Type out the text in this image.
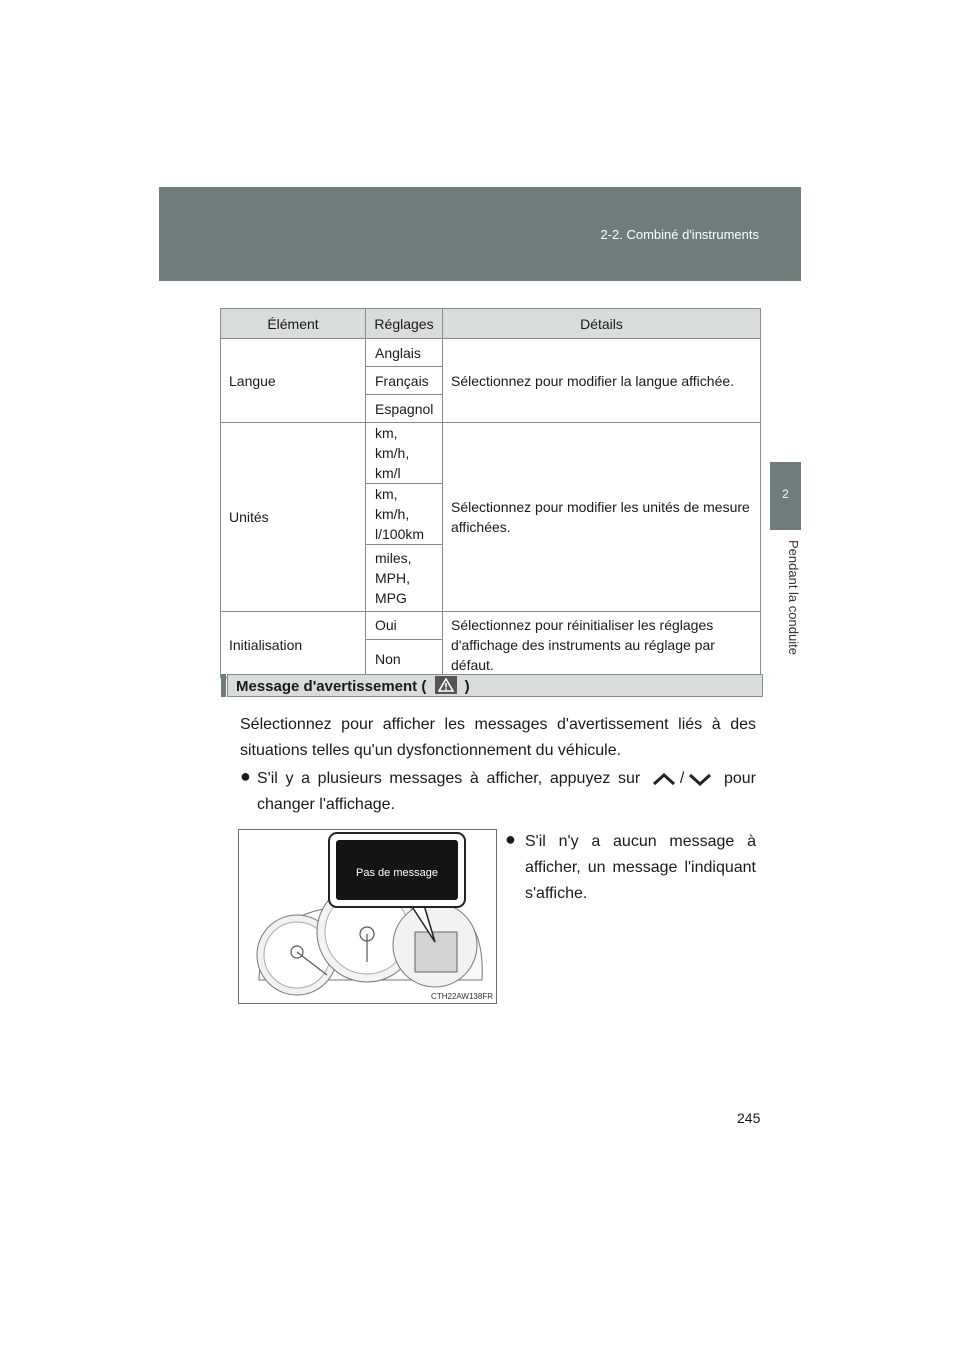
2-2. Combiné d'instruments
2
Pendant la conduite
Élément	Réglages	Détails
Langue	Anglais	Sélectionnez pour modifier la langue affichée.
	Français	
	Espagnol	
Unités	km, km/h, km/l	Sélectionnez pour modifier les unités de mesure affichées.
	km, km/h, l/100km	
	miles, MPH, MPG	
Initialisation	Oui	Sélectionnez pour réinitialiser les réglages d'affichage des instruments au réglage par défaut.
	Non	
Message d'avertissement (	)
Sélectionnez pour afficher les messages d'avertissement liés à des situations telles qu'un dysfonctionnement du véhicule.
● S'il y a plusieurs messages à afficher, appuyez sur / pour changer l'affichage.
Pas de message
CTH22AW138FR
● S'il n'y a aucun message à afficher, un message l'indiquant s'affiche.
245
